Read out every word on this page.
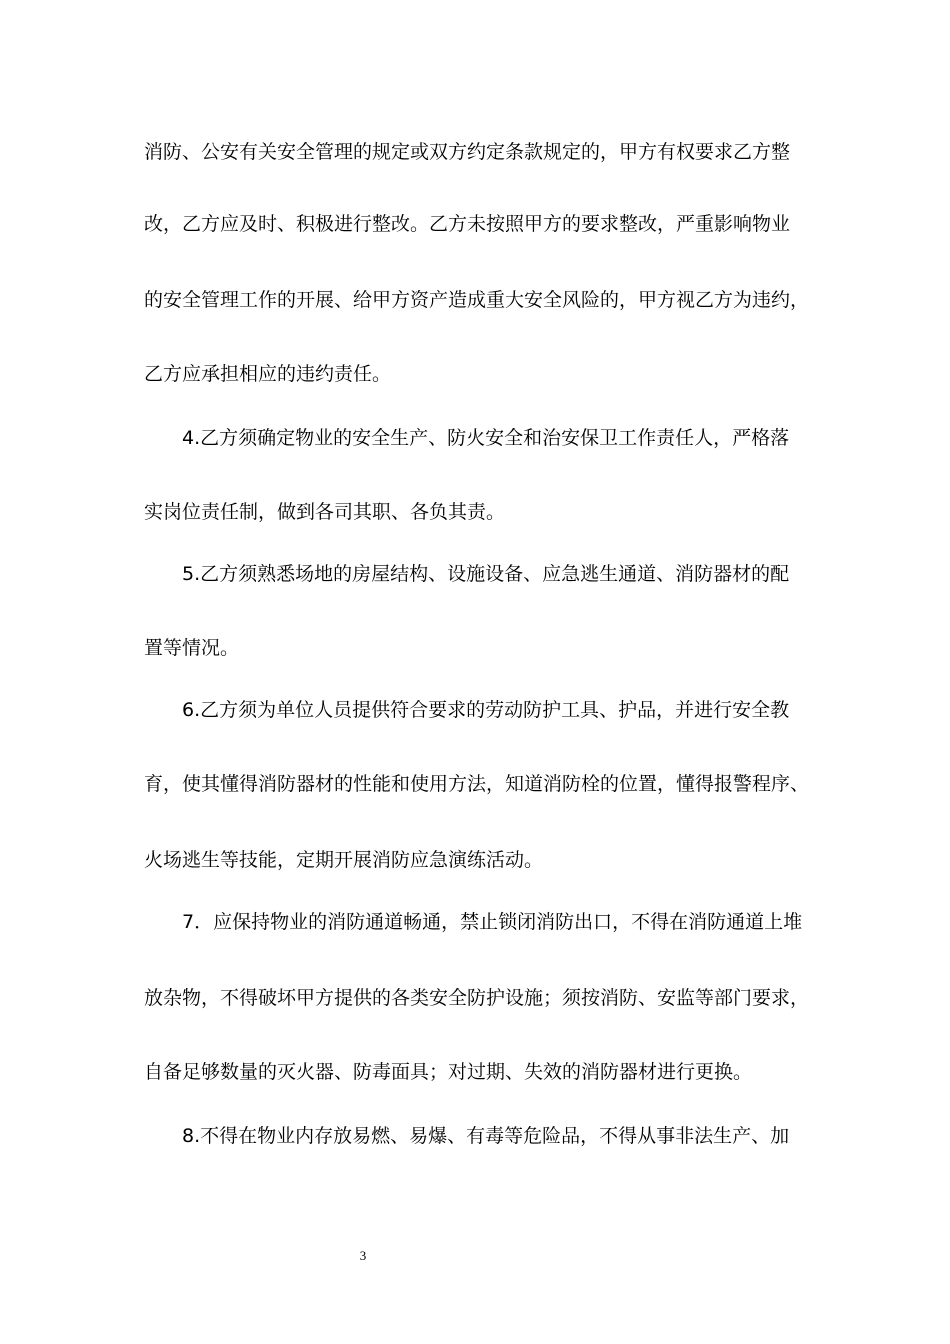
消防、公安有关安全管理的规定或双方约定条款规定的，甲方有权要求乙方整
改，乙方应及时、积极进行整改。乙方未按照甲方的要求整改，严重影响物业
的安全管理工作的开展、给甲方资产造成重大安全风险的，甲方视乙方为违约，
乙方应承担相应的违约责任。
4.乙方须确定物业的安全生产、防火安全和治安保卫工作责任人，严格落
实岗位责任制，做到各司其职、各负其责。
5.乙方须熟悉场地的房屋结构、设施设备、应急逃生通道、消防器材的配
置等情况。
6.乙方须为单位人员提供符合要求的劳动防护工具、护品，并进行安全教
育，使其懂得消防器材的性能和使用方法，知道消防栓的位置，懂得报警程序、
火场逃生等技能，定期开展消防应急演练活动。
7．应保持物业的消防通道畅通，禁止锁闭消防出口，不得在消防通道上堆
放杂物，不得破坏甲方提供的各类安全防护设施；须按消防、安监等部门要求，
自备足够数量的灭火器、防毒面具；对过期、失效的消防器材进行更换。
8.不得在物业内存放易燃、易爆、有毒等危险品，不得从事非法生产、加
3
